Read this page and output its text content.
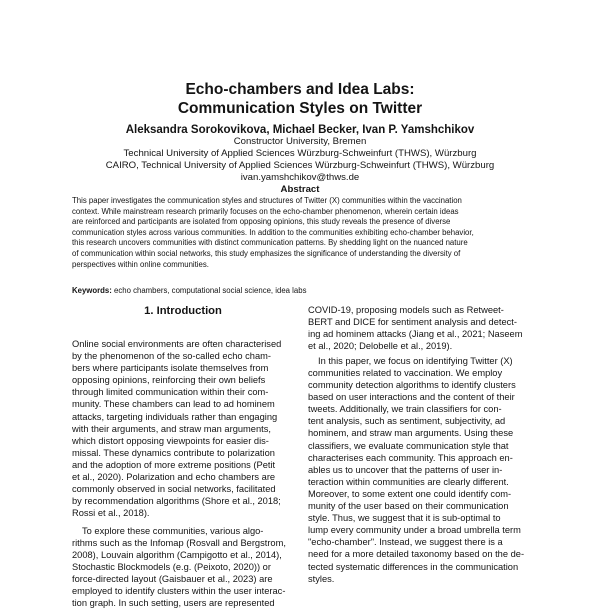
Echo-chambers and Idea Labs:
Communication Styles on Twitter
Aleksandra Sorokovikova, Michael Becker, Ivan P. Yamshchikov
Constructor University, Bremen
Technical University of Applied Sciences Würzburg-Schweinfurt (THWS), Würzburg
CAIRO, Technical University of Applied Sciences Würzburg-Schweinfurt (THWS), Würzburg
ivan.yamshchikov@thws.de
Abstract
This paper investigates the communication styles and structures of Twitter (X) communities within the vaccination
context. While mainstream research primarily focuses on the echo-chamber phenomenon, wherein certain ideas
are reinforced and participants are isolated from opposing opinions, this study reveals the presence of diverse
communication styles across various communities. In addition to the communities exhibiting echo-chamber behavior,
this research uncovers communities with distinct communication patterns. By shedding light on the nuanced nature
of communication within social networks, this study emphasizes the significance of understanding the diversity of
perspectives within online communities.
Keywords: echo chambers, computational social science, idea labs
1. Introduction
Online social environments are often characterised
by the phenomenon of the so-called echo cham-
bers where participants isolate themselves from
opposing opinions, reinforcing their own beliefs
through limited communication within their com-
munity. These chambers can lead to ad hominem
attacks, targeting individuals rather than engaging
with their arguments, and straw man arguments,
which distort opposing viewpoints for easier dis-
missal. These dynamics contribute to polarization
and the adoption of more extreme positions (Petit
et al., 2020). Polarization and echo chambers are
commonly observed in social networks, facilitated
by recommendation algorithms (Shore et al., 2018;
Rossi et al., 2018).
To explore these communities, various algo-
rithms such as the Infomap (Rosvall and Bergstrom,
2008), Louvain algorithm (Campigotto et al., 2014),
Stochastic Blockmodels (e.g. (Peixoto, 2020)) or
force-directed layout (Gaisbauer et al., 2023) are
employed to identify clusters within the user interac-
tion graph. In such setting, users are represented
COVID-19, proposing models such as Retweet-
BERT and DICE for sentiment analysis and detect-
ing ad hominem attacks (Jiang et al., 2021; Naseem
et al., 2020; Delobelle et al., 2019).
In this paper, we focus on identifying Twitter (X)
communities related to vaccination. We employ
community detection algorithms to identify clusters
based on user interactions and the content of their
tweets. Additionally, we train classifiers for con-
tent analysis, such as sentiment, subjectivity, ad
hominem, and straw man arguments. Using these
classifiers, we evaluate communication style that
characterises each community. This approach en-
ables us to uncover that the patterns of user in-
teraction within communities are clearly different.
Moreover, to some extent one could identify com-
munity of the user based on their communication
style. Thus, we suggest that it is sub-optimal to
lump every community under a broad umbrella term
"echo-chamber". Instead, we suggest there is a
need for a more detailed taxonomy based on the de-
tected systematic differences in the communication
styles.
